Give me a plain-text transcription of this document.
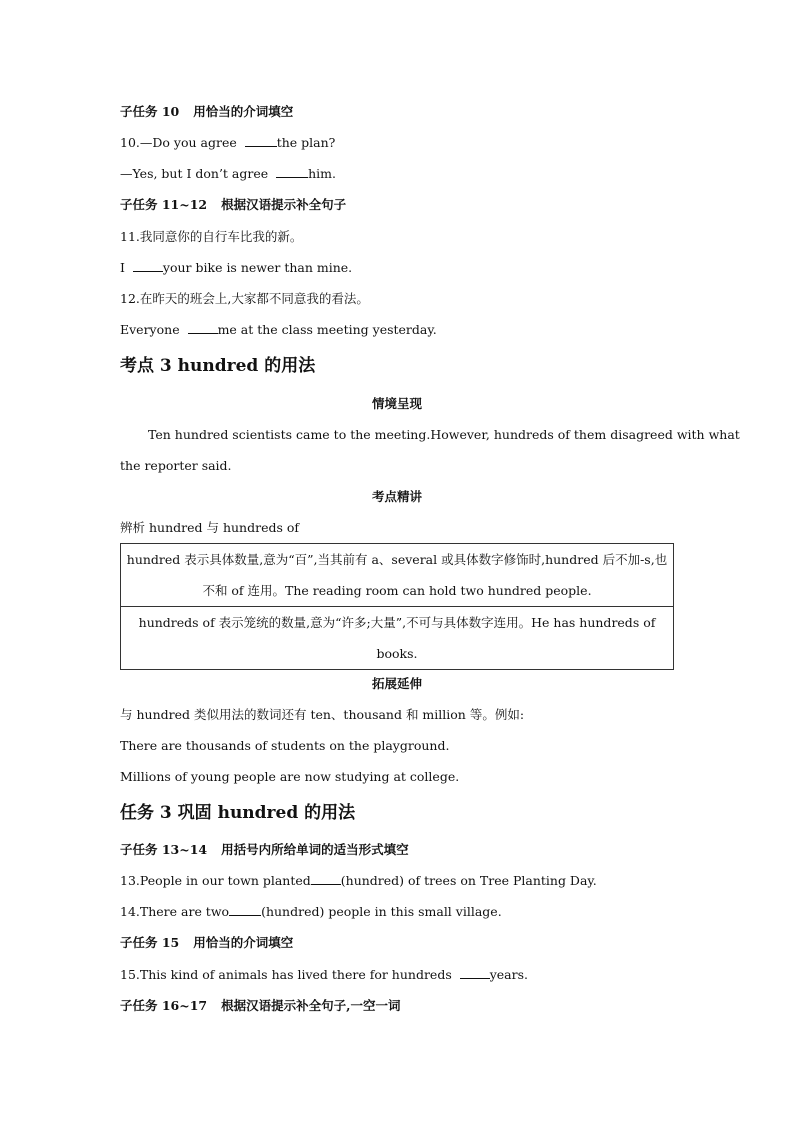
子任务 10 用恰当的介词填空
10.—Do you agree	the plan?
—Yes, but I don’t agree	him.
子任务 11~12 根据汉语提示补全句子
11.我同意你的自行车比我的新。
I	your bike is newer than mine.
12.在昨天的班会上,大家都不同意我的看法。
Everyone	me at the class meeting yesterday.
考点 3 hundred 的用法
情境呈现
Ten hundred scientists came to the meeting.However, hundreds of them disagreed with what
the reporter said.
考点精讲
辨析 hundred 与 hundreds of
hundred 表示具体数量,意为“百”,当其前有 a、several 或具体数字修饰时,hundred 后不加-s,也
不和 of 连用。The reading room can hold two hundred people.

hundreds of 表示笼统的数量,意为“许多;大量”,不可与具体数字连用。He has hundreds of
books.
拓展延伸
与 hundred 类似用法的数词还有 ten、thousand 和 million 等。例如:
There are thousands of students on the playground.
Millions of young people are now studying at college.
任务 3 巩固 hundred 的用法
子任务 13~14 用括号内所给单词的适当形式填空
13.People in our town planted (hundred) of trees on Tree Planting Day.
14.There are two	(hundred) people in this small village.
子任务 15 用恰当的介词填空
15.This kind of animals has lived there for hundreds	years.
子任务 16~17 根据汉语提示补全句子,一空一词
